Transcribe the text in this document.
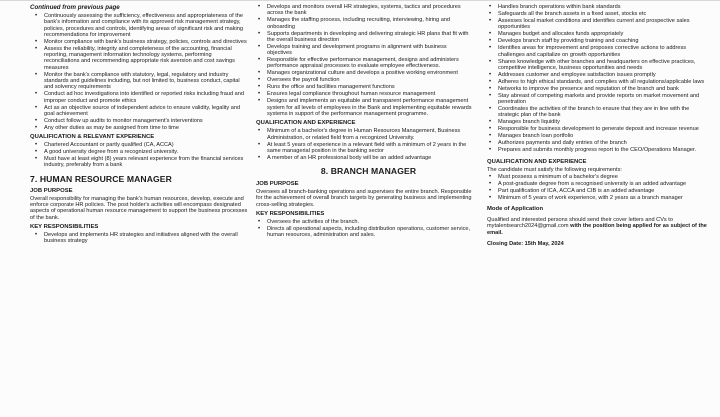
Continued from previous page
• Continuously assessing the sufficiency, effectiveness and appropriateness of the bank's information and compliance with its approved risk management strategy, policies, procedures and controls, identifying areas of significant risk and making recommendations for improvement
• Monitor compliance with bank's business strategy, policies, controls and directives
• Assess the reliability, integrity and completeness of the accounting, financial reporting, management information technology systems, performing reconciliations and recommending appropriate risk aversion and cost savings measures
• Monitor the bank's compliance with statutory, legal, regulatory and industry standards and guidelines including, but not limited to, business conduct, capital and solvency requirements
• Conduct ad hoc investigations into identified or reported risks including fraud and improper conduct and promote ethics
• Act as an objective source of independent advice to ensure validity, legality and goal achievement
• Conduct follow up audits to monitor management's interventions
• Any other duties as may be assigned from time to time
QUALIFICATION & RELEVANT EXPERIENCE
• Chartered Accountant or partly qualified (CA, ACCA)
• A good university degree from a recognized university.
• Must have at least eight (8) years relevant experience from the financial services industry, preferably from a bank
7. HUMAN RESOURCE MANAGER
JOB PURPOSE

Overall responsibility for managing the bank's human resources, develop, execute and enforce corporate HR policies. The post holder's activities will encompass designated aspects of operational human resource management to support the business processes of the bank.

KEY RESPONSIBILITIES
• Develops and implements HR strategies and initiatives aligned with the overall business strategy
• Develops and monitors overall HR strategies, systems, tactics and procedures across the bank
• Manages the staffing process, including recruiting, interviewing, hiring and onboarding
• Supports departments in developing and delivering strategic HR plans that fit with the overall business direction
• Develops training and development programs in alignment with business objectives
• Responsible for effective performance management, designs and administers performance appraisal processes to evaluate employee effectiveness.
• Manages organizational culture and develops a positive working environment
• Oversees the payroll function
• Runs the office and facilities management functions
• Ensures legal compliance throughout human resource management
• Designs and implements an equitable and transparent performance management system for all levels of employees in the Bank and implementing equitable rewards systems in support of the performance management programme.
QUALIFICATION AND EXPERIENCE
• Minimum of a bachelor's degree in Human Resources Management, Business Administration, or related field from a recognized University.
• At least 5 years of experience in a relevant field with a minimum of 2 years in the same managerial position in the banking sector
• A member of an HR professional body will be an added advantage
8. BRANCH MANAGER
JOB PURPOSE

Oversees all branch-banking operations and supervises the entire branch. Responsible for the achievement of overall branch targets by generating business and implementing cross-selling strategies.

KEY RESPONSIBILITIES
• Oversees the activities of the branch.
• Directs all operational aspects, including distribution operations, customer service, human resources, administration and sales.
• Handles branch operations within bank standards
• Safeguards all the branch assets in a fixed asset, stocks etc
• Assesses local market conditions and identifies current and prospective sales opportunities
• Manages budget and allocates funds appropriately
• Develops branch staff by providing training and coaching
• Identifies areas for improvement and proposes corrective actions to address challenges and capitalize on growth opportunities
• Shares knowledge with other branches and headquarters on effective practices, competitive intelligence, business opportunities and needs
• Addresses customer and employee satisfaction issues promptly
• Adheres to high ethical standards, and complies with all regulations/applicable laws
• Networks to improve the presence and reputation of the branch and bank
• Stay abreast of competing markets and provide reports on market movement and penetration
• Coordinates the activities of the branch to ensure that they are in line with the strategic plan of the bank
• Manages branch liquidity
• Responsible for business development to generate deposit and increase revenue
• Manages branch loan portfolio
• Authorizes payments and daily entries of the branch
• Prepares and submits monthly progress report to the CEO/Operations Manager.
QUALIFICATION AND EXPERIENCE

The candidate must satisfy the following requirements:

• Must possess a minimum of a bachelor's degree
• A post-graduate degree from a recognised university is an added advantage
• Part qualification of ICA, ACCA and CIB is an added advantage
• Minimum of 5 years of work experience, with 2 years as a branch manager
Mode of Application

Qualified and interested persons should send their cover letters and CVs to mytalentsearch2024@gmail.com with the position being applied for as subject of the email.

Closing Date: 15th May, 2024
